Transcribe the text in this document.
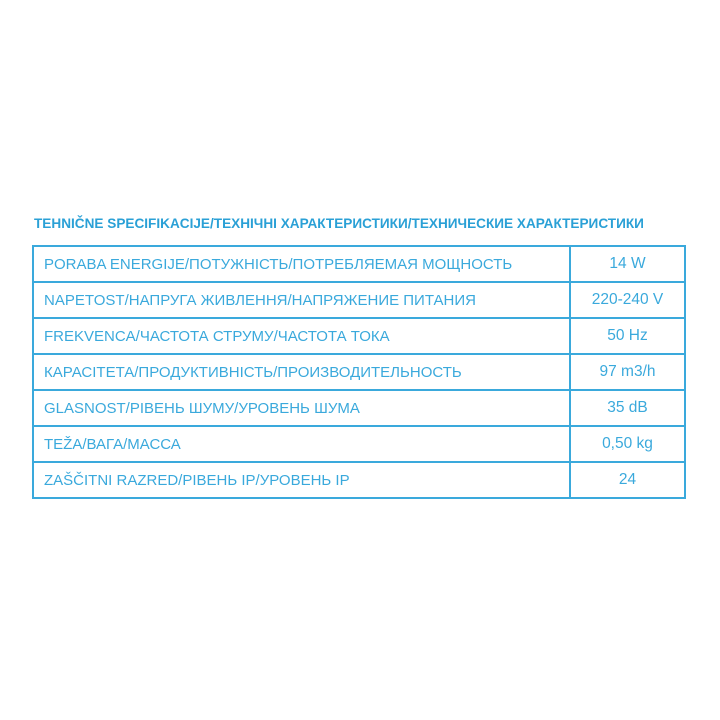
TEHNIČNE SPECIFIKACIJE/ТЕХНІЧНІ ХАРАКТЕРИСТИКИ/ТЕХНИЧЕСКИЕ ХАРАКТЕРИСТИКИ
PORABA ENERGIJE/ПОТУЖНІСТЬ/ПОТРЕБЛЯЕМАЯ МОЩНОСТЬ	14 W
NAPETOST/НАПРУГА ЖИВЛЕННЯ/НАПРЯЖЕНИЕ ПИТАНИЯ	220-240 V
FREKVENCA/ЧАСТОТА СТРУМУ/ЧАСТОТА ТОКА	50 Hz
КАРАСІТЕТА/ПРОДУКТИВНІСТЬ/ПРОИЗВОДИТЕЛЬНОСТЬ	97 m3/h
GLASNOST/РІВЕНЬ ШУМУ/УРОВЕНЬ ШУМА	35 dB
TEŽA/ВАГА/МАССА	0,50 kg
ZAŠČITNI RAZRED/РІВЕНЬ ІР/УРОВЕНЬ ІР	24
